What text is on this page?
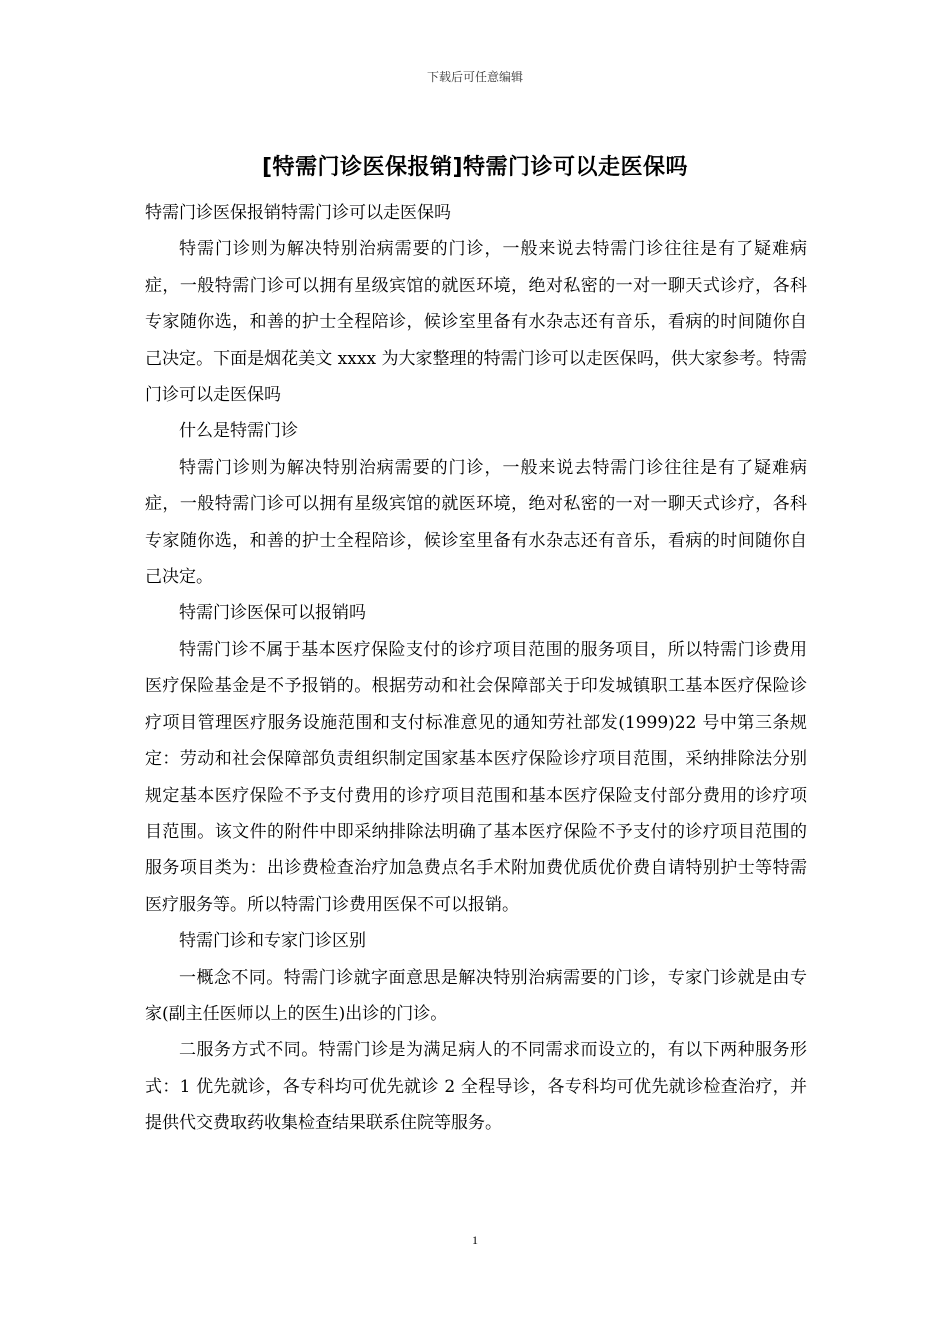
下载后可任意编辑
[特需门诊医保报销]特需门诊可以走医保吗

特需门诊医保报销特需门诊可以走医保吗

特需门诊则为解决特别治病需要的门诊，一般来说去特需门诊往往是有了疑难病症，一般特需门诊可以拥有星级宾馆的就医环境，绝对私密的一对一聊天式诊疗，各科专家随你选，和善的护士全程陪诊，候诊室里备有水杂志还有音乐，看病的时间随你自己决定。下面是烟花美文 xxxx 为大家整理的特需门诊可以走医保吗，供大家参考。特需门诊可以走医保吗

什么是特需门诊

特需门诊则为解决特别治病需要的门诊，一般来说去特需门诊往往是有了疑难病症，一般特需门诊可以拥有星级宾馆的就医环境，绝对私密的一对一聊天式诊疗，各科专家随你选，和善的护士全程陪诊，候诊室里备有水杂志还有音乐，看病的时间随你自己决定。

特需门诊医保可以报销吗

特需门诊不属于基本医疗保险支付的诊疗项目范围的服务项目，所以特需门诊费用医疗保险基金是不予报销的。根据劳动和社会保障部关于印发城镇职工基本医疗保险诊疗项目管理医疗服务设施范围和支付标准意见的通知劳社部发(1999)22 号中第三条规定：劳动和社会保障部负责组织制定国家基本医疗保险诊疗项目范围，采纳排除法分别规定基本医疗保险不予支付费用的诊疗项目范围和基本医疗保险支付部分费用的诊疗项目范围。该文件的附件中即采纳排除法明确了基本医疗保险不予支付的诊疗项目范围的服务项目类为：出诊费检查治疗加急费点名手术附加费优质优价费自请特别护士等特需医疗服务等。所以特需门诊费用医保不可以报销。

特需门诊和专家门诊区别

一概念不同。特需门诊就字面意思是解决特别治病需要的门诊，专家门诊就是由专家(副主任医师以上的医生)出诊的门诊。

二服务方式不同。特需门诊是为满足病人的不同需求而设立的，有以下两种服务形式：1 优先就诊，各专科均可优先就诊 2 全程导诊，各专科均可优先就诊检查治疗，并提供代交费取药收集检查结果联系住院等服务。

1
